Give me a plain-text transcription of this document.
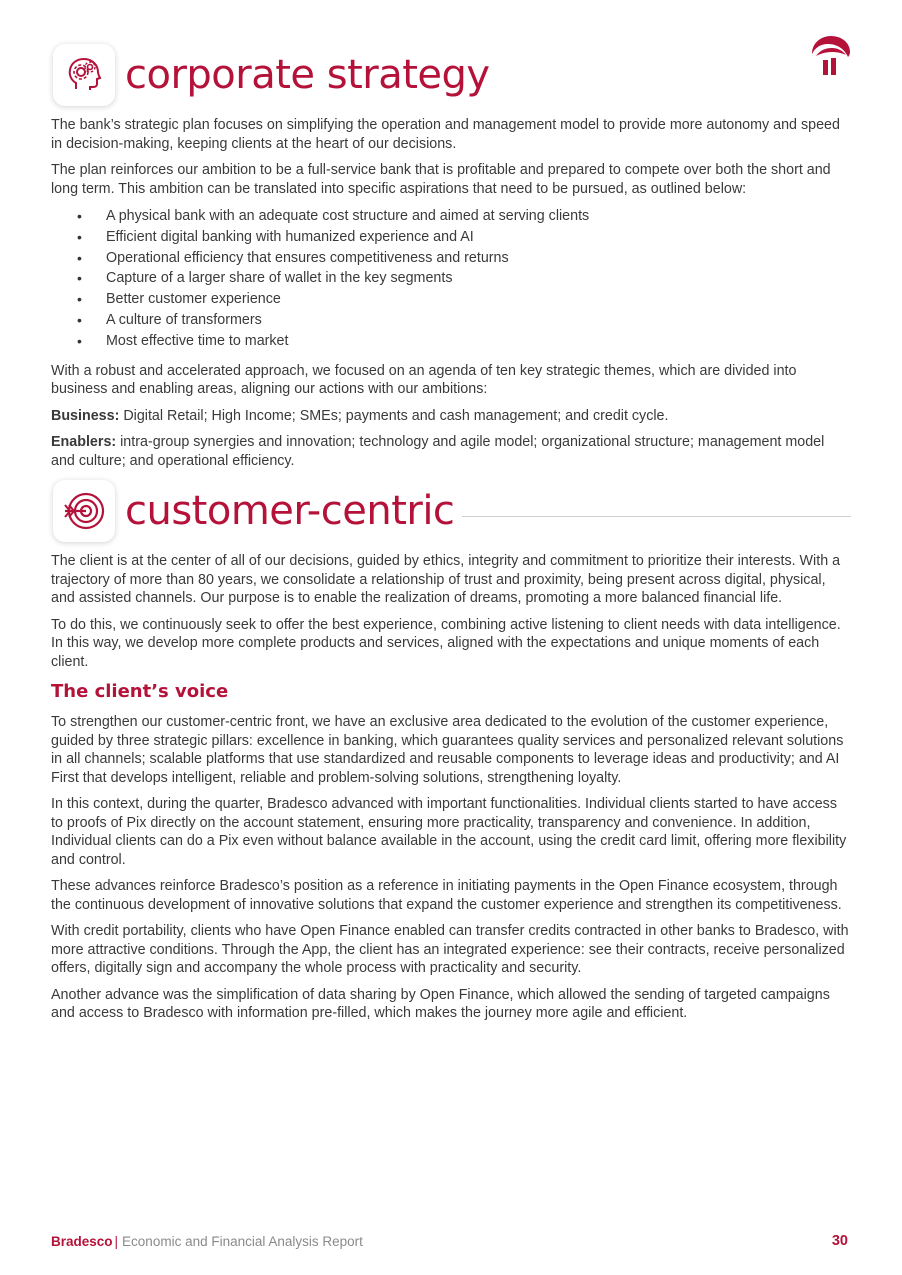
corporate strategy

The bank’s strategic plan focuses on simplifying the operation and management model to provide more autonomy and speed in decision-making, keeping clients at the heart of our decisions.

The plan reinforces our ambition to be a full-service bank that is profitable and prepared to compete over both the short and long term. This ambition can be translated into specific aspirations that need to be pursued, as outlined below:

• A physical bank with an adequate cost structure and aimed at serving clients
• Efficient digital banking with humanized experience and AI
• Operational efficiency that ensures competitiveness and returns
• Capture of a larger share of wallet in the key segments
• Better customer experience
• A culture of transformers
• Most effective time to market

With a robust and accelerated approach, we focused on an agenda of ten key strategic themes, which are divided into business and enabling areas, aligning our actions with our ambitions:

Business: Digital Retail; High Income; SMEs; payments and cash management; and credit cycle.

Enablers: intra-group synergies and innovation; technology and agile model; organizational structure; management model and culture; and operational efficiency.

customer-centric

The client is at the center of all of our decisions, guided by ethics, integrity and commitment to prioritize their interests. With a trajectory of more than 80 years, we consolidate a relationship of trust and proximity, being present across digital, physical, and assisted channels. Our purpose is to enable the realization of dreams, promoting a more balanced financial life.

To do this, we continuously seek to offer the best experience, combining active listening to client needs with data intelligence. In this way, we develop more complete products and services, aligned with the expectations and unique moments of each client.

The client’s voice

To strengthen our customer-centric front, we have an exclusive area dedicated to the evolution of the customer experience, guided by three strategic pillars: excellence in banking, which guarantees quality services and personalized relevant solutions in all channels; scalable platforms that use standardized and reusable components to leverage ideas and productivity; and AI First that develops intelligent, reliable and problem-solving solutions, strengthening loyalty.

In this context, during the quarter, Bradesco advanced with important functionalities. Individual clients started to have access to proofs of Pix directly on the account statement, ensuring more practicality, transparency and convenience. In addition, Individual clients can do a Pix even without balance available in the account, using the credit card limit, offering more flexibility and control.

These advances reinforce Bradesco’s position as a reference in initiating payments in the Open Finance ecosystem, through the continuous development of innovative solutions that expand the customer experience and strengthen its competitiveness.

With credit portability, clients who have Open Finance enabled can transfer credits contracted in other banks to Bradesco, with more attractive conditions. Through the App, the client has an integrated experience: see their contracts, receive personalized offers, digitally sign and accompany the whole process with practicality and security.

Another advance was the simplification of data sharing by Open Finance, which allowed the sending of targeted campaigns and access to Bradesco with information pre-filled, which makes the journey more agile and efficient.

Bradesco | Economic and Financial Analysis Report	30
